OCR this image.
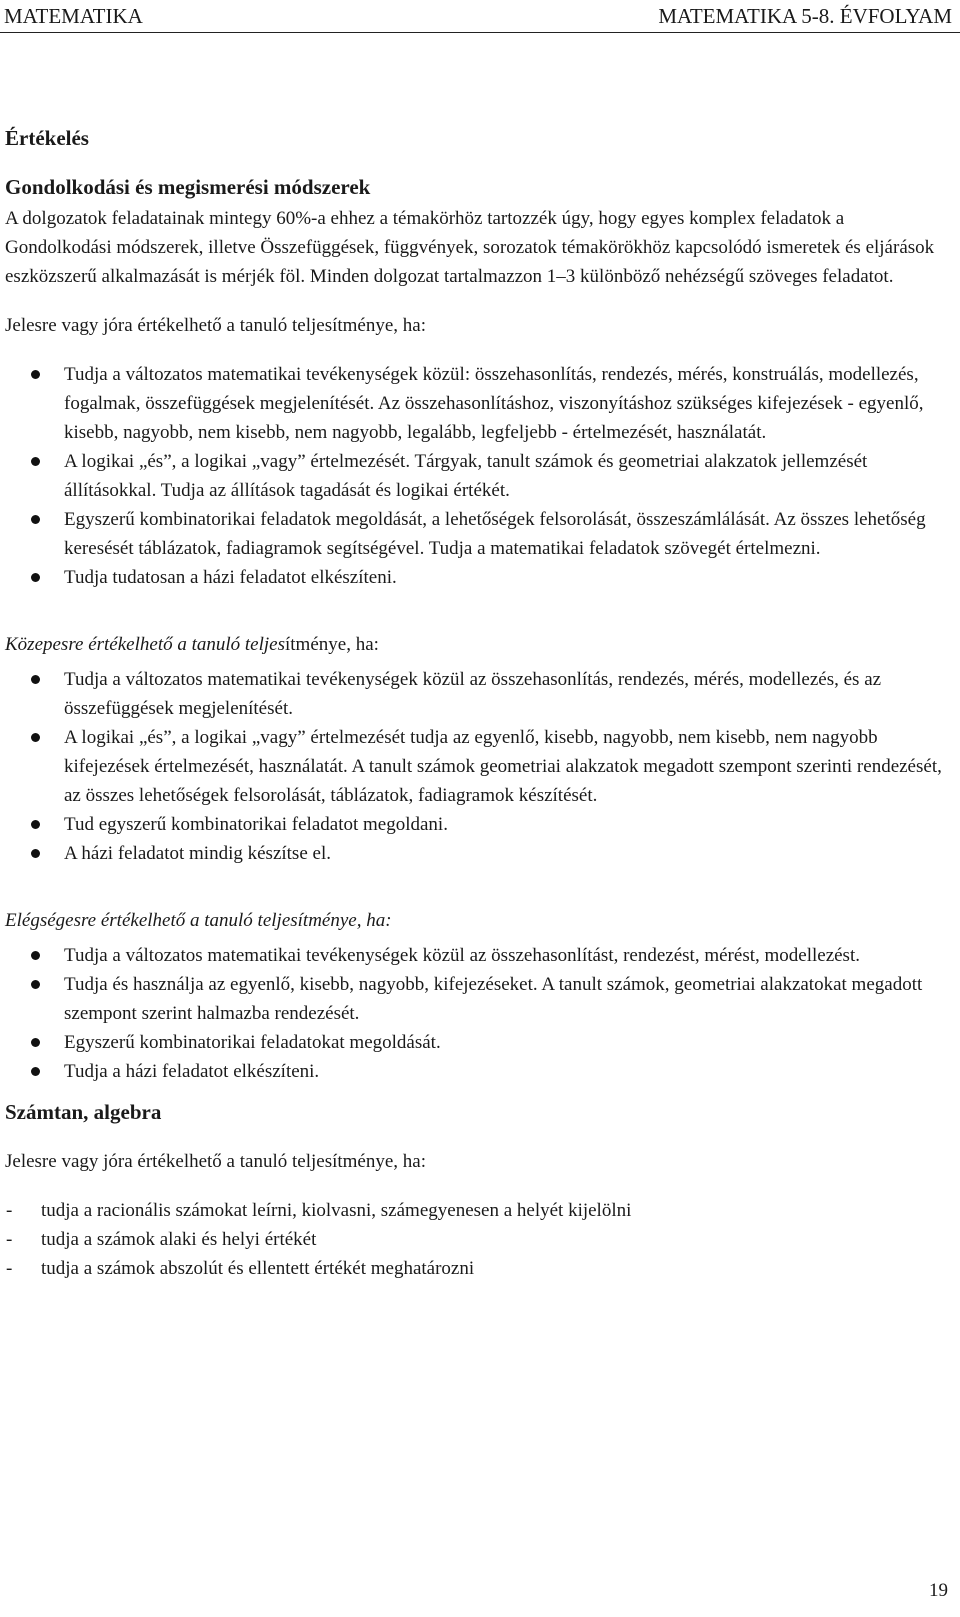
MATEMATIKA	MATEMATIKA 5-8. ÉVFOLYAM
Értékelés
Gondolkodási és megismerési módszerek

A dolgozatok feladatainak mintegy 60%-a ehhez a témakörhöz tartozzék úgy, hogy egyes komplex feladatok a Gondolkodási módszerek, illetve Összefüggések, függvények, sorozatok témakörökhöz kapcsolódó ismeretek és eljárások eszközszerű alkalmazását is mérjék föl. Minden dolgozat tartalmazzon 1–3 különböző nehézségű szöveges feladatot.

Jelesre vagy jóra értékelhető a tanuló teljesítménye, ha:

Tudja a változatos matematikai tevékenységek közül: összehasonlítás, rendezés, mérés, konstruálás, modellezés, fogalmak, összefüggések megjelenítését. Az összehasonlításhoz, viszonyításhoz szükséges kifejezések - egyenlő, kisebb, nagyobb, nem kisebb, nem nagyobb, legalább, legfeljebb - értelmezését, használatát.
A logikai „és”, a logikai „vagy” értelmezését. Tárgyak, tanult számok és geometriai alakzatok jellemzését állításokkal. Tudja az állítások tagadását és logikai értékét.
Egyszerű kombinatorikai feladatok megoldását, a lehetőségek felsorolását, összeszámlálását. Az összes lehetőség keresését táblázatok, fadiagramok segítségével. Tudja a matematikai feladatok szövegét értelmezni.
Tudja tudatosan a házi feladatot elkészíteni.

Közepesre értékelhető a tanuló teljesítménye, ha:

Tudja a változatos matematikai tevékenységek közül az összehasonlítás, rendezés, mérés, modellezés, és az összefüggések megjelenítését.
A logikai „és”, a logikai „vagy” értelmezését tudja az egyenlő, kisebb, nagyobb, nem kisebb, nem nagyobb kifejezések értelmezését, használatát. A tanult számok geometriai alakzatok megadott szempont szerinti rendezését, az összes lehetőségek felsorolását, táblázatok, fadiagramok készítését.
Tud egyszerű kombinatorikai feladatot megoldani.
A házi feladatot mindig készítse el.

Elégségesre értékelhető a tanuló teljesítménye, ha:

Tudja a változatos matematikai tevékenységek közül az összehasonlítást, rendezést, mérést, modellezést.
Tudja és használja az egyenlő, kisebb, nagyobb, kifejezéseket. A tanult számok, geometriai alakzatokat megadott szempont szerint halmazba rendezését.
Egyszerű kombinatorikai feladatokat megoldását.
Tudja a házi feladatot elkészíteni.
Számtan, algebra

Jelesre vagy jóra értékelhető a tanuló teljesítménye, ha:

- tudja a racionális számokat leírni, kiolvasni, számegyenesen a helyét kijelölni
- tudja a számok alaki és helyi értékét
- tudja a számok abszolút és ellentett értékét meghatározni
19
